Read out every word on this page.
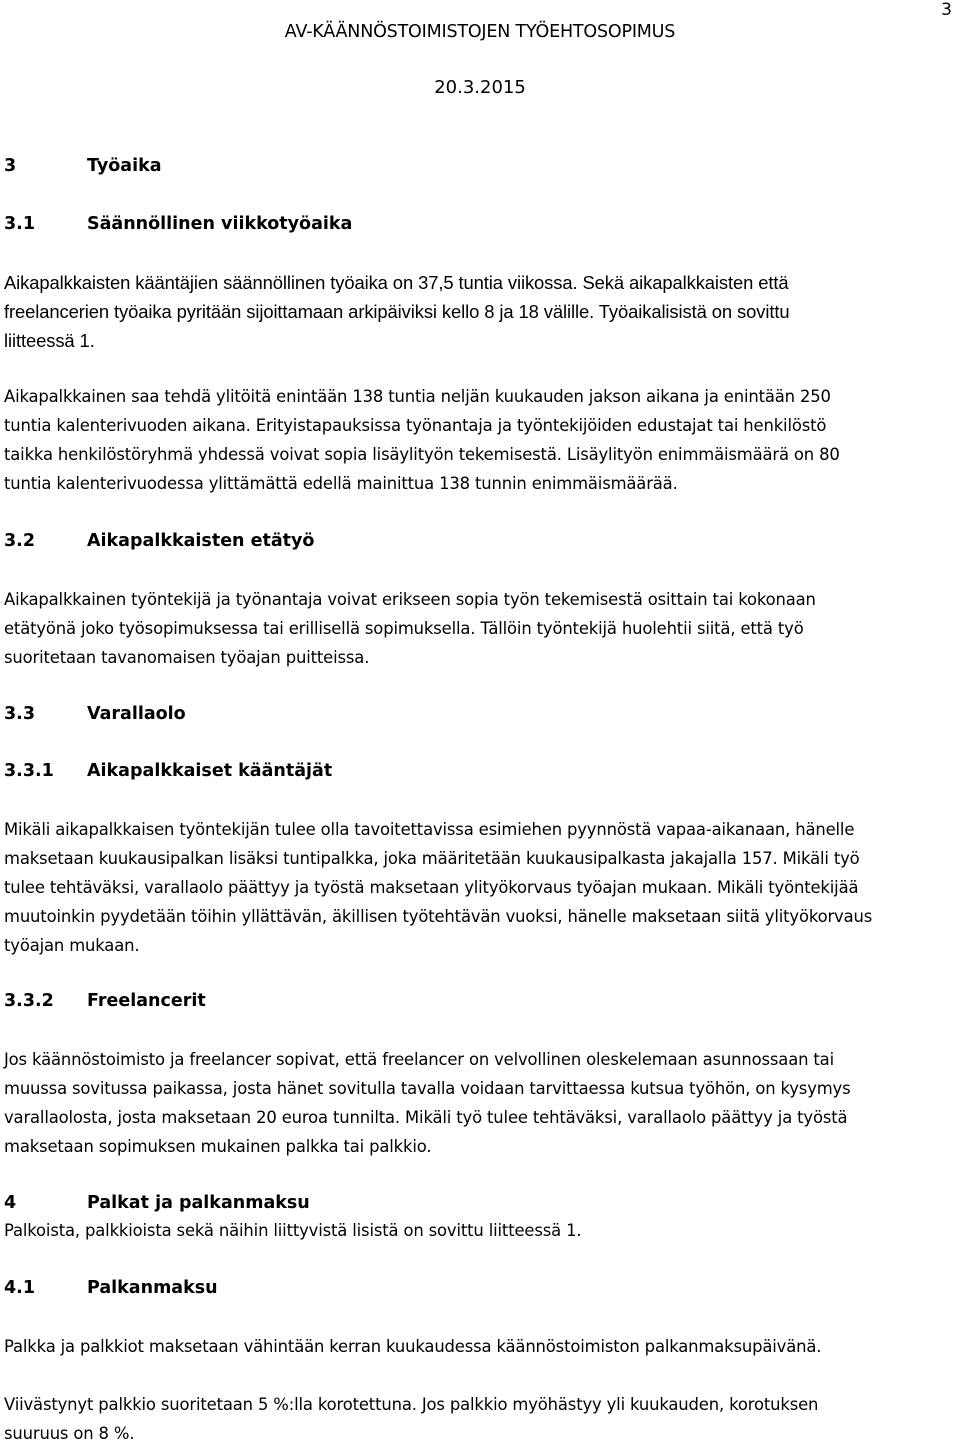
3
AV-KÄÄNNÖSTOIMISTOJEN TYÖEHTOSOPIMUS
20.3.2015
3	Työaika
3.1	Säännöllinen viikkotyöaika
Aikapalkkaisten kääntäjien säännöllinen työaika on 37,5 tuntia viikossa. Sekä aikapalkkaisten että
freelancerien työaika pyritään sijoittamaan arkipäiviksi kello 8 ja 18 välille. Työaikalisistä on sovittu
liitteessä 1.
Aikapalkkainen saa tehdä ylitöitä enintään 138 tuntia neljän kuukauden jakson aikana ja enintään 250
tuntia kalenterivuoden aikana. Erityistapauksissa työnantaja ja työntekijöiden edustajat tai henkilöstö
taikka henkilöstöryhmä yhdessä voivat sopia lisäylityön tekemisestä. Lisäylityön enimmäismäärä on 80
tuntia kalenterivuodessa ylittämättä edellä mainittua 138 tunnin enimmäismäärää.
3.2	Aikapalkkaisten etätyö
Aikapalkkainen työntekijä ja työnantaja voivat erikseen sopia työn tekemisestä osittain tai kokonaan
etätyönä joko työsopimuksessa tai erillisellä sopimuksella. Tällöin työntekijä huolehtii siitä, että työ
suoritetaan tavanomaisen työajan puitteissa.
3.3	Varallaolo
3.3.1 Aikapalkkaiset kääntäjät
Mikäli aikapalkkaisen työntekijän tulee olla tavoitettavissa esimiehen pyynnöstä vapaa-aikanaan, hänelle
maksetaan kuukausipalkan lisäksi tuntipalkka, joka määritetään kuukausipalkasta jakajalla 157. Mikäli työ
tulee tehtäväksi, varallaolo päättyy ja työstä maksetaan ylityökorvaus työajan mukaan. Mikäli työntekijää
muutoinkin pyydetään töihin yllättävän, äkillisen työtehtävän vuoksi, hänelle maksetaan siitä ylityökorvaus
työajan mukaan.
3.3.2 Freelancerit
Jos käännöstoimisto ja freelancer sopivat, että freelancer on velvollinen oleskelemaan asunnossaan tai
muussa sovitussa paikassa, josta hänet sovitulla tavalla voidaan tarvittaessa kutsua työhön, on kysymys
varallaolosta, josta maksetaan 20 euroa tunnilta. Mikäli työ tulee tehtäväksi, varallaolo päättyy ja työstä
maksetaan sopimuksen mukainen palkka tai palkkio.
4	Palkat ja palkanmaksu
Palkoista, palkkioista sekä näihin liittyvistä lisistä on sovittu liitteessä 1.
4.1	Palkanmaksu
Palkka ja palkkiot maksetaan vähintään kerran kuukaudessa käännöstoimiston palkanmaksupäivänä.
Viivästynyt palkkio suoritetaan 5 %:lla korotettuna. Jos palkkio myöhästyy yli kuukauden, korotuksen
suuruus on 8 %.
